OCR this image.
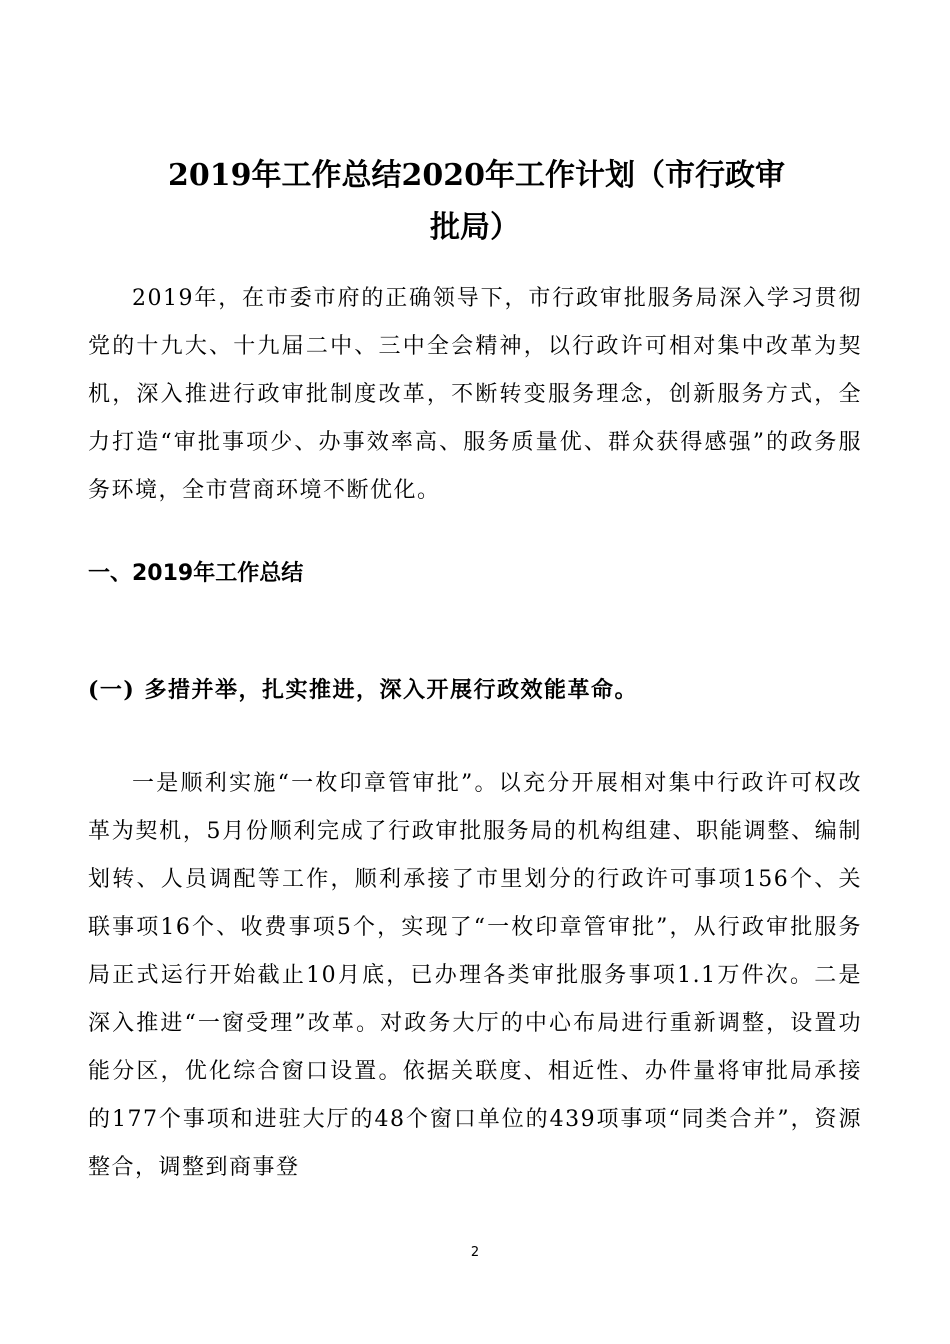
2019年工作总结2020年工作计划（市行政审
批局）

2019年，在市委市府的正确领导下，市行政审批服务局深入学习贯彻党的十九大、十九届二中、三中全会精神，以行政许可相对集中改革为契机，深入推进行政审批制度改革，不断转变服务理念，创新服务方式，全力打造“审批事项少、办事效率高、服务质量优、群众获得感强”的政务服务环境，全市营商环境不断优化。

一、2019年工作总结
(一) 多措并举，扎实推进，深入开展行政效能革命。

一是顺利实施“一枚印章管审批”。以充分开展相对集中行政许可权改革为契机，5月份顺利完成了行政审批服务局的机构组建、职能调整、编制划转、人员调配等工作，顺利承接了市里划分的行政许可事项156个、关联事项16个、收费事项5个，实现了“一枚印章管审批”，从行政审批服务局正式运行开始截止10月底，已办理各类审批服务事项1.1万件次。二是深入推进“一窗受理”改革。对政务大厅的中心布局进行重新调整，设置功能分区，优化综合窗口设置。依据关联度、相近性、办件量将审批局承接的177个事项和进驻大厅的48个窗口单位的439项事项“同类合并”，资源整合，调整到商事登

2
